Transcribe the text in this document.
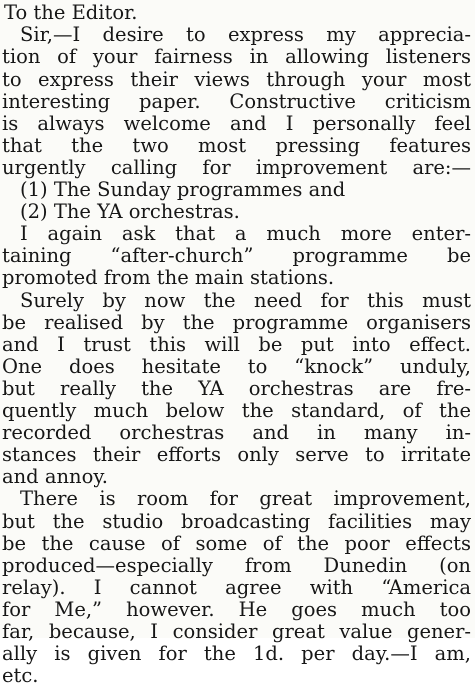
To the Editor.
Sir,—I desire to express my apprecia-
tion of your fairness in allowing listeners
to express their views through your most
interesting paper. Constructive criticism
is always welcome and I personally feel
that the two most pressing features
urgently calling for improvement are:—
(1) The Sunday programmes and
(2) The YA orchestras.
I again ask that a much more enter-
taining “after-church” programme be
promoted from the main stations.
Surely by now the need for this must
be realised by the programme organisers
and I trust this will be put into effect.
One does hesitate to “knock” unduly,
but really the YA orchestras are fre-
quently much below the standard, of the
recorded orchestras and in many in-
stances their efforts only serve to irritate
and annoy.
There is room for great improvement,
but the studio broadcasting facilities may
be the cause of some of the poor effects
produced—especially from Dunedin (on
relay). I cannot agree with “America
for Me,” however. He goes much too
far, because, I consider great value gener-
ally is given for the 1d. per day.—I am,
etc.
